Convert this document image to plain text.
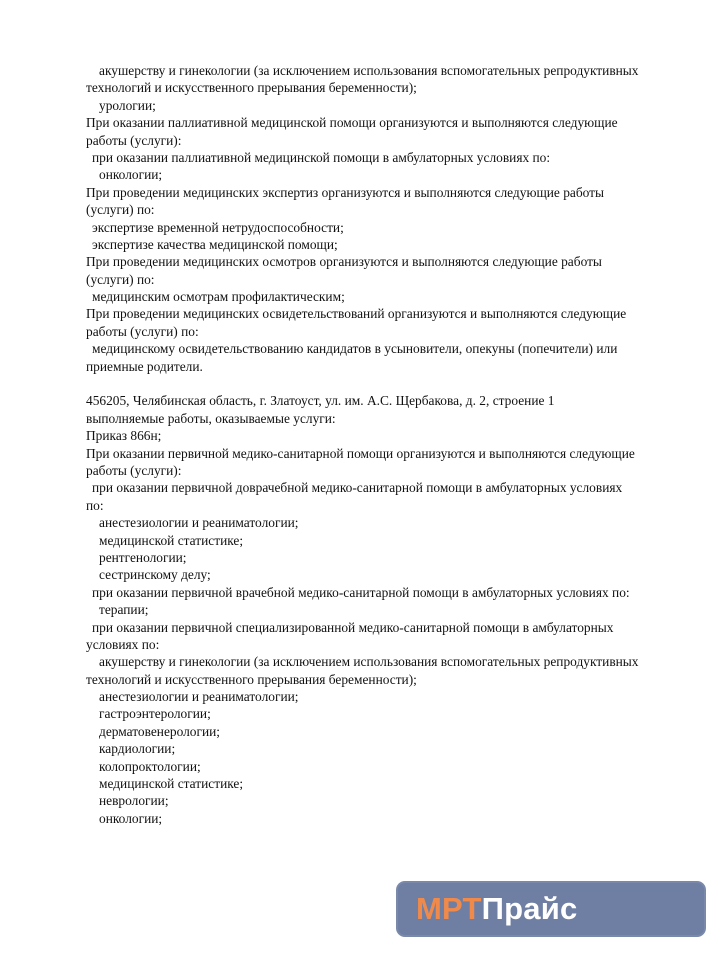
акушерству и гинекологии (за исключением использования вспомогательных репродуктивных
технологий и искусственного прерывания беременности);
урологии;
При оказании паллиативной медицинской помощи организуются и выполняются следующие
работы (услуги):
при оказании паллиативной медицинской помощи в амбулаторных условиях по:
онкологии;
При проведении медицинских экспертиз организуются и выполняются следующие работы
(услуги) по:
экспертизе временной нетрудоспособности;
экспертизе качества медицинской помощи;
При проведении медицинских осмотров организуются и выполняются следующие работы
(услуги) по:
медицинским осмотрам профилактическим;
При проведении медицинских освидетельствований организуются и выполняются следующие
работы (услуги) по:
медицинскому освидетельствованию кандидатов в усыновители, опекуны (попечители) или
приемные родители.
456205, Челябинская область, г. Златоуст, ул. им. А.С. Щербакова, д. 2, строение 1
выполняемые работы, оказываемые услуги:
Приказ 866н;
При оказании первичной медико-санитарной помощи организуются и выполняются следующие
работы (услуги):
при оказании первичной доврачебной медико-санитарной помощи в амбулаторных условиях
по:
анестезиологии и реаниматологии;
медицинской статистике;
рентгенологии;
сестринскому делу;
при оказании первичной врачебной медико-санитарной помощи в амбулаторных условиях по:
терапии;
при оказании первичной специализированной медико-санитарной помощи в амбулаторных
условиях по:
акушерству и гинекологии (за исключением использования вспомогательных репродуктивных
технологий и искусственного прерывания беременности);
анестезиологии и реаниматологии;
гастроэнтерологии;
дерматовенерологии;
кардиологии;
колопроктологии;
медицинской статистике;
неврологии;
онкологии;
МРТПрайс
